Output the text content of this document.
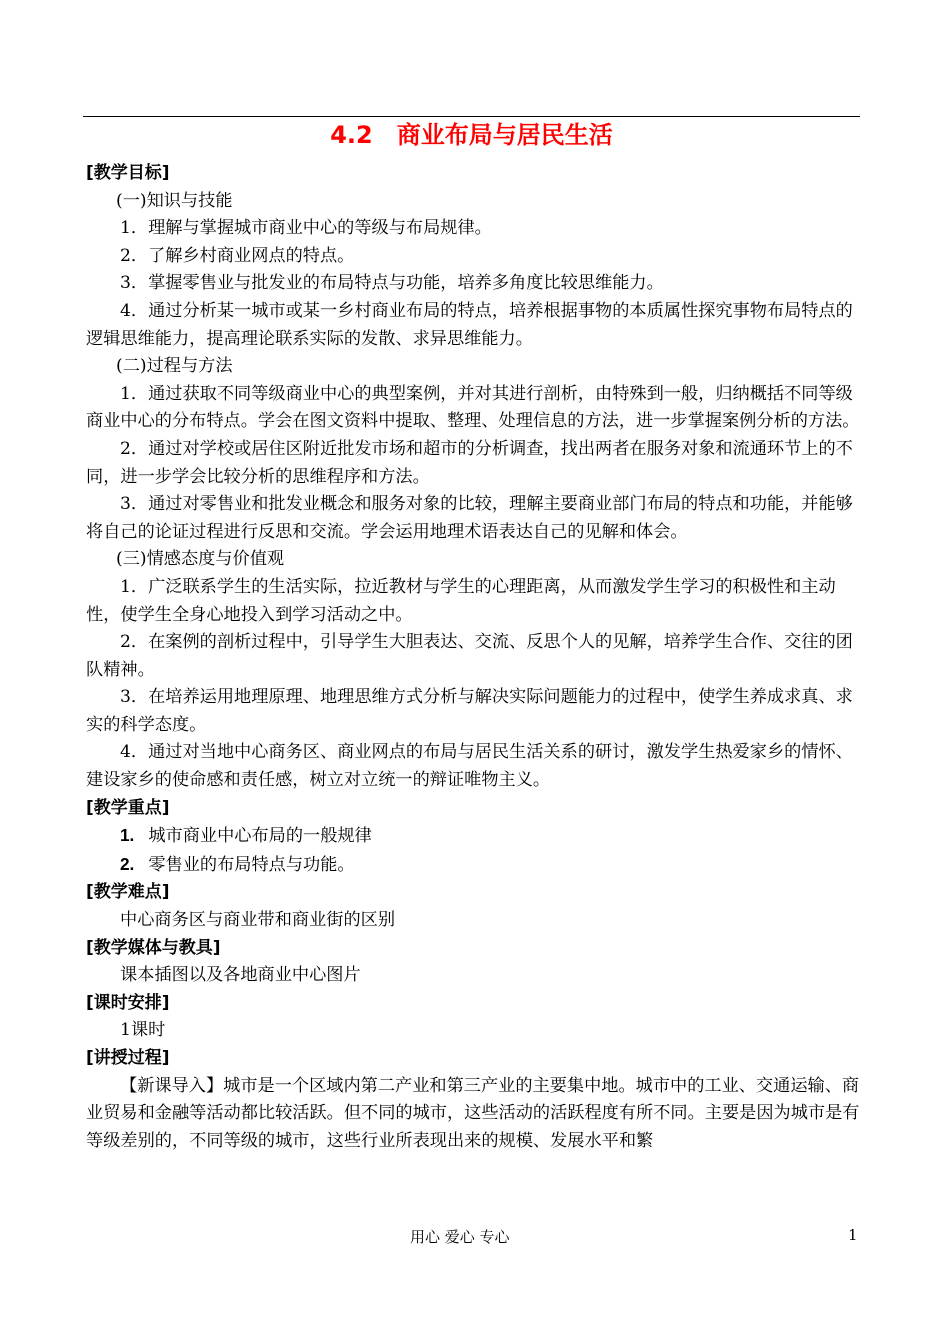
4.2　商业布局与居民生活

[教学目标]

(一)知识与技能

1．理解与掌握城市商业中心的等级与布局规律。

2．了解乡村商业网点的特点。

3．掌握零售业与批发业的布局特点与功能，培养多角度比较思维能力。

4．通过分析某一城市或某一乡村商业布局的特点，培养根据事物的本质属性探究事物布局特点的逻辑思维能力，提高理论联系实际的发散、求异思维能力。

(二)过程与方法

1．通过获取不同等级商业中心的典型案例，并对其进行剖析，由特殊到一般，归纳概括不同等级商业中心的分布特点。学会在图文资料中提取、整理、处理信息的方法，进一步掌握案例分析的方法。

2．通过对学校或居住区附近批发市场和超市的分析调查，找出两者在服务对象和流通环节上的不同，进一步学会比较分析的思维程序和方法。

3．通过对零售业和批发业概念和服务对象的比较，理解主要商业部门布局的特点和功能，并能够将自己的论证过程进行反思和交流。学会运用地理术语表达自己的见解和体会。

(三)情感态度与价值观

1．广泛联系学生的生活实际，拉近教材与学生的心理距离，从而激发学生学习的积极性和主动性，使学生全身心地投入到学习活动之中。

2．在案例的剖析过程中，引导学生大胆表达、交流、反思个人的见解，培养学生合作、交往的团队精神。

3．在培养运用地理原理、地理思维方式分析与解决实际问题能力的过程中，使学生养成求真、求实的科学态度。

4．通过对当地中心商务区、商业网点的布局与居民生活关系的研讨，激发学生热爱家乡的情怀、建设家乡的使命感和责任感，树立对立统一的辩证唯物主义。

[教学重点]

1. 城市商业中心布局的一般规律

2. 零售业的布局特点与功能。

[教学难点]

中心商务区与商业带和商业街的区别

[教学媒体与教具]

课本插图以及各地商业中心图片

[课时安排]

1课时

[讲授过程]

【新课导入】城市是一个区域内第二产业和第三产业的主要集中地。城市中的工业、交通运输、商业贸易和金融等活动都比较活跃。但不同的城市，这些活动的活跃程度有所不同。主要是因为城市是有等级差别的，不同等级的城市，这些行业所表现出来的规模、发展水平和繁

用心 爱心 专心	1
